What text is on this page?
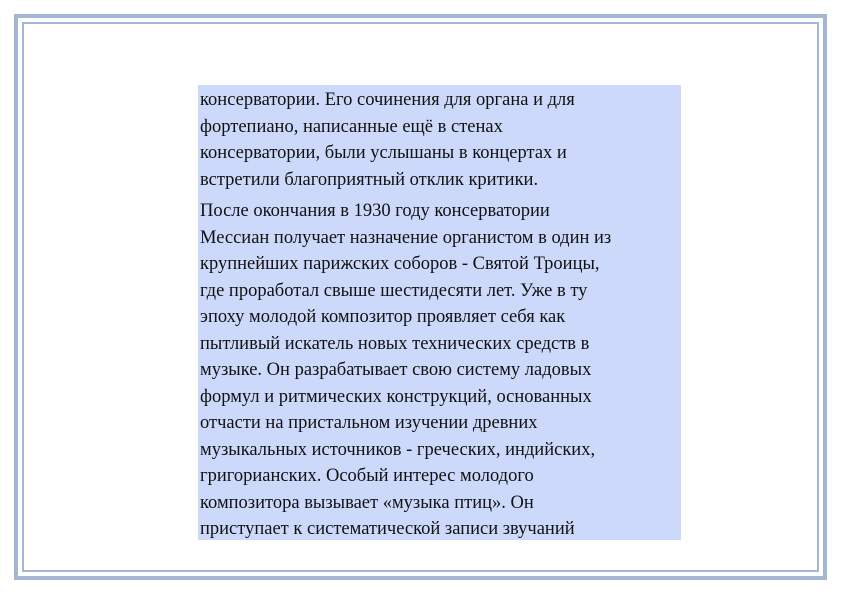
консерватории. Его сочинения для органа и для
фортепиано, написанные ещё в стенах
консерватории, были услышаны в концертах и
встретили благоприятный отклик критики.

После окончания в 1930 году консерватории
Мессиан получает назначение органистом в один из
крупнейших парижских соборов - Святой Троицы,
где проработал свыше шестидесяти лет. Уже в ту
эпоху молодой композитор проявляет себя как
пытливый искатель новых технических средств в
музыке. Он разрабатывает свою систему ладовых
формул и ритмических конструкций, основанных
отчасти на пристальном изучении древних
музыкальных источников - греческих, индийских,
григорианских. Особый интерес молодого
композитора вызывает «музыка птиц». Он
приступает к систематической записи звучаний
